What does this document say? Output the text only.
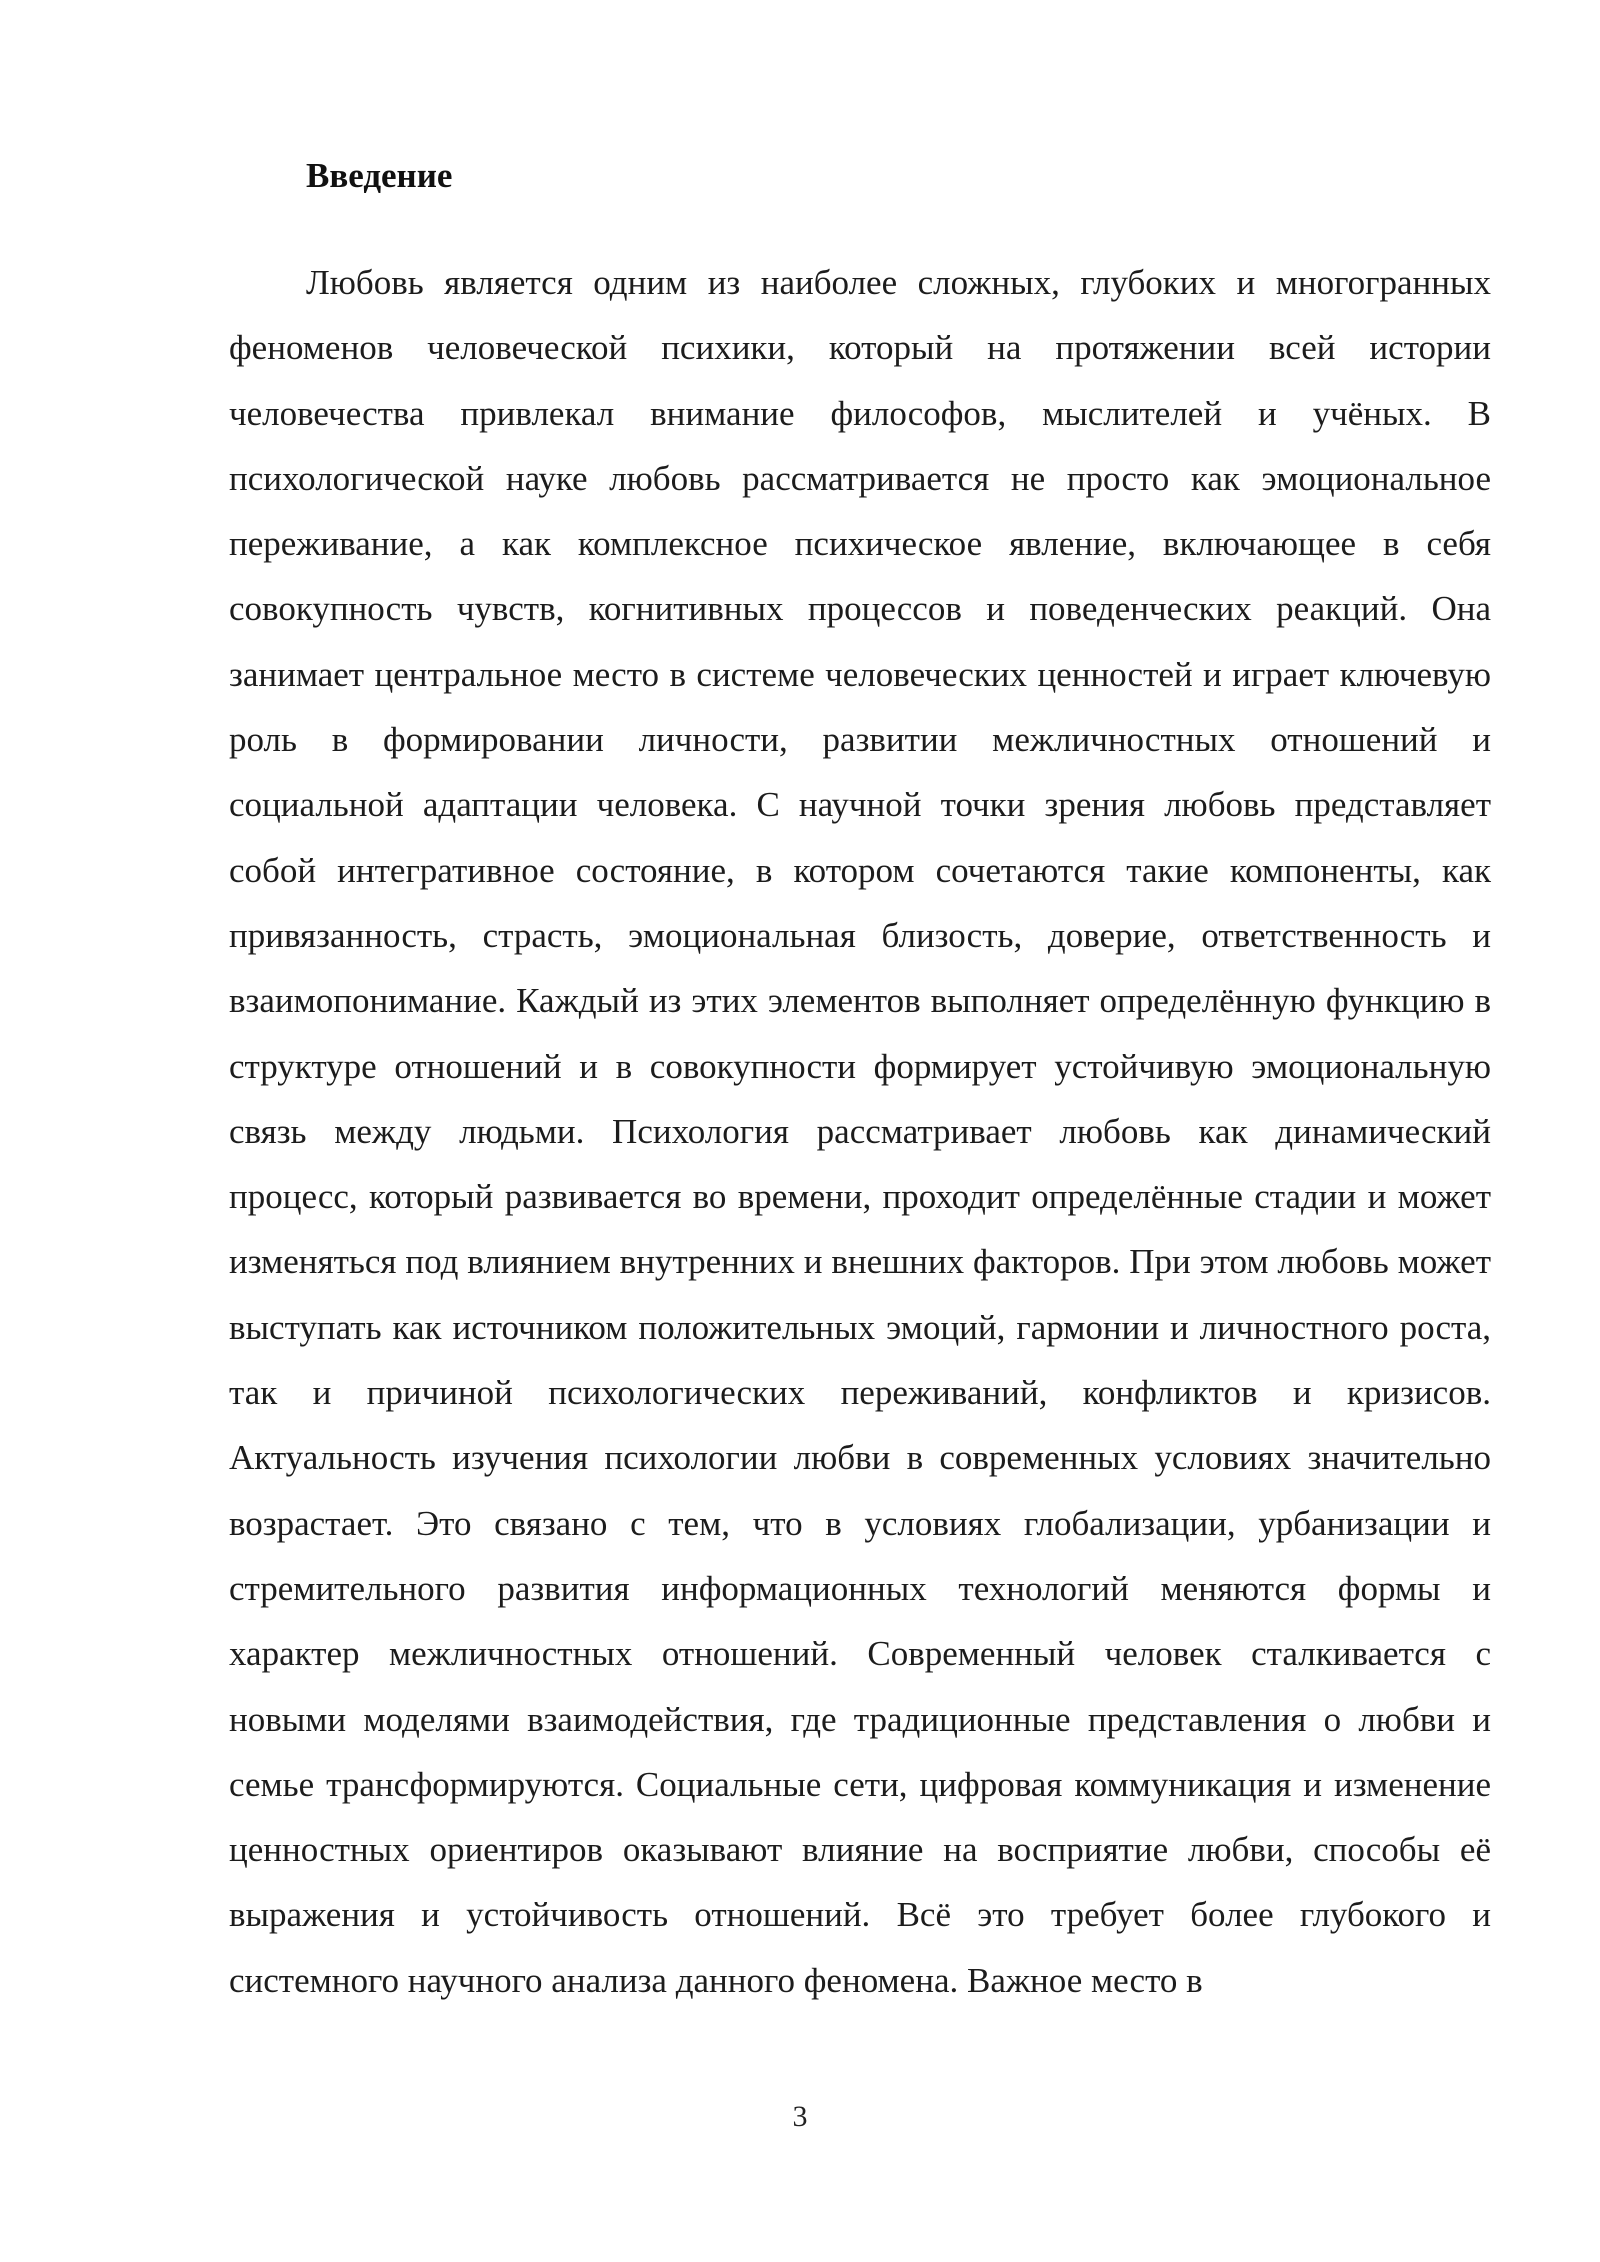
Введение

Любовь является одним из наиболее сложных, глубоких и многогранных феноменов человеческой психики, который на протяжении всей истории человечества привлекал внимание философов, мыслителей и учёных. В психологической науке любовь рассматривается не просто как эмоциональное переживание, а как комплексное психическое явление, включающее в себя совокупность чувств, когнитивных процессов и поведенческих реакций. Она занимает центральное место в системе человеческих ценностей и играет ключевую роль в формировании личности, развитии межличностных отношений и социальной адаптации человека. С научной точки зрения любовь представляет собой интегративное состояние, в котором сочетаются такие компоненты, как привязанность, страсть, эмоциональная близость, доверие, ответственность и взаимопонимание. Каждый из этих элементов выполняет определённую функцию в структуре отношений и в совокупности формирует устойчивую эмоциональную связь между людьми. Психология рассматривает любовь как динамический процесс, который развивается во времени, проходит определённые стадии и может изменяться под влиянием внутренних и внешних факторов. При этом любовь может выступать как источником положительных эмоций, гармонии и личностного роста, так и причиной психологических переживаний, конфликтов и кризисов. Актуальность изучения психологии любви в современных условиях значительно возрастает. Это связано с тем, что в условиях глобализации, урбанизации и стремительного развития информационных технологий меняются формы и характер межличностных отношений. Современный человек сталкивается с новыми моделями взаимодействия, где традиционные представления о любви и семье трансформируются. Социальные сети, цифровая коммуникация и изменение ценностных ориентиров оказывают влияние на восприятие любви, способы её выражения и устойчивость отношений. Всё это требует более глубокого и системного научного анализа данного феномена. Важное место в

3
